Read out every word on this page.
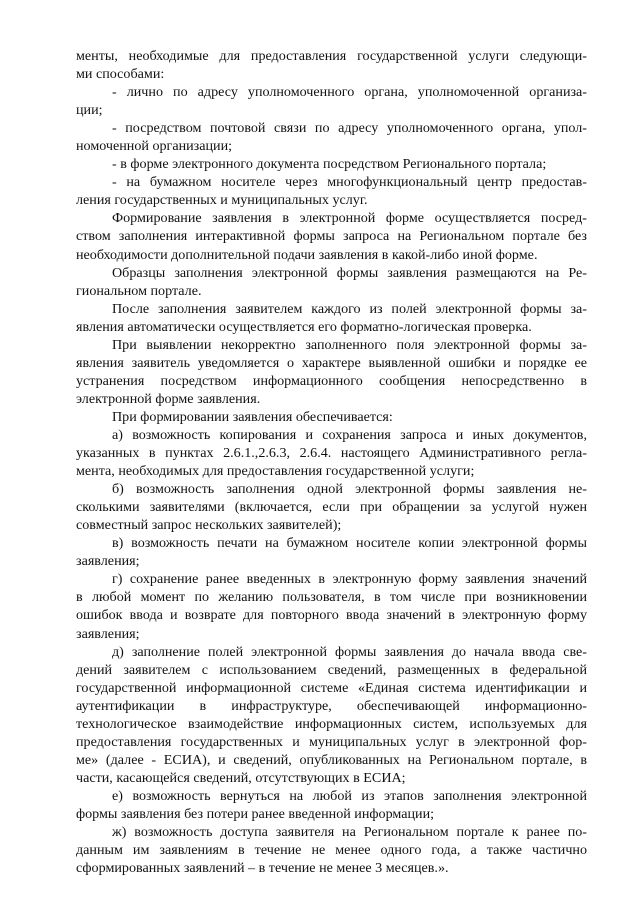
менты, необходимые для предоставления государственной услуги следующи-
ми способами:
- лично по адресу уполномоченного органа, уполномоченной организа-
ции;
- посредством почтовой связи по адресу уполномоченного органа, упол-
номоченной организации;
- в форме электронного документа посредством Регионального портала;
- на бумажном носителе через многофункциональный центр предостав-
ления государственных и муниципальных услуг.
Формирование заявления в электронной форме осуществляется посред-
ством заполнения интерактивной формы запроса на Региональном портале без
необходимости дополнительной подачи заявления в какой-либо иной форме.
Образцы заполнения электронной формы заявления размещаются на Ре-
гиональном портале.
После заполнения заявителем каждого из полей электронной формы за-
явления автоматически осуществляется его форматно-логическая проверка.
При выявлении некорректно заполненного поля электронной формы за-
явления заявитель уведомляется о характере выявленной ошибки и порядке ее
устранения посредством информационного сообщения непосредственно в
электронной форме заявления.
При формировании заявления обеспечивается:
а) возможность копирования и сохранения запроса и иных документов,
указанных в пунктах 2.6.1.,2.6.3, 2.6.4. настоящего Административного регла-
мента, необходимых для предоставления государственной услуги;
б) возможность заполнения одной электронной формы заявления не-
сколькими заявителями (включается, если при обращении за услугой нужен
совместный запрос нескольких заявителей);
в) возможность печати на бумажном носителе копии электронной формы
заявления;
г) сохранение ранее введенных в электронную форму заявления значений
в любой момент по желанию пользователя, в том числе при возникновении
ошибок ввода и возврате для повторного ввода значений в электронную форму
заявления;
д) заполнение полей электронной формы заявления до начала ввода све-
дений заявителем с использованием сведений, размещенных в федеральной
государственной информационной системе «Единая система идентификации и
аутентификации в инфраструктуре, обеспечивающей информационно-
технологическое взаимодействие информационных систем, используемых для
предоставления государственных и муниципальных услуг в электронной фор-
ме» (далее - ЕСИА), и сведений, опубликованных на Региональном портале, в
части, касающейся сведений, отсутствующих в ЕСИА;
е) возможность вернуться на любой из этапов заполнения электронной
формы заявления без потери ранее введенной информации;
ж) возможность доступа заявителя на Региональном портале к ранее по-
данным им заявлениям в течение не менее одного года, а также частично
сформированных заявлений – в течение не менее 3 месяцев.».
